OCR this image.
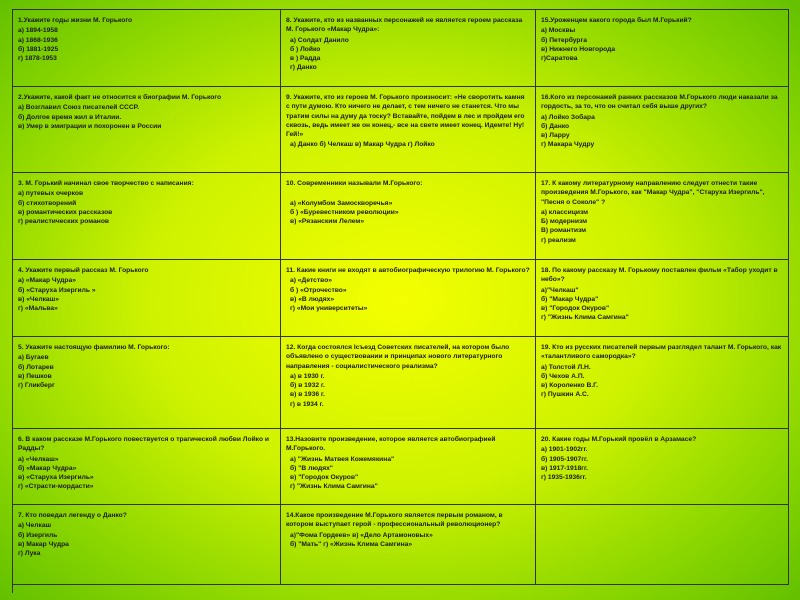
1.Укажите годы жизни М. Горького
а) 1894-1958
а) 1868-1936
б) 1881-1925
г) 1878-1953
8. Укажите, кто из названных персонажей не является героем рассказа М. Горького «Макар Чудра»:
а) Солдат Данило
б ) Лойко
в ) Радда
г) Данко
15.Уроженцем какого города был М.Горький?
а) Москвы
б) Петербурга
в) Нижнего Новгорода
г)Саратова
2.Укажите, какой факт не относится к биографии М. Горького
а) Возглавил Союз писателей СССР.
б) Долгое время жил в Италии.
в) Умер в эмиграции и похоронен в России
9. Укажите, кто из героев М. Горького произносит: «Не своротить камня с пути думою. Кто ничего не делает, с тем ничего не станется. Что мы тратим силы на думу да тоску? Вставайте, пойдем в лес и пройдем его сквозь, ведь имеет же он конец,- все на свете имеет конец. Идемте! Ну! Гей!»
а) Данко б) Челкаш в) Макар Чудра г) Лойко
16.Кого из персонажей ранних рассказов М.Горького люди наказали за гордость, за то, что он считал себя выше других?
а) Лойко Зобара
б) Данко
в) Ларру
г) Макара Чудру
3. М. Горький начинал свое творчество с написания:
а) путевых очерков
б) стихотворений
в) романтических рассказов
г) реалистических романов
10. Современники называли М.Горького:

а) «Колумбом Замоскворечья»
б ) «Буревестником революции»
в) «Рязанским Лелем»
17. К какому литературному направлению следует отнести такие произведения М.Горького, как "Макар Чудра", "Старуха Изергиль", "Песня о Соколе" ?
а) классицизм
Б) модернизм
В) романтизм
г) реализм
4. Укажите первый рассказ М. Горького
а) «Макар Чудра»
б) «Старуха Изергиль »
в) «Челкаш»
г) «Мальва»
11. Какие книги не входят в автобиографическую трилогию М. Горького?
а) «Детство»
б ) «Отрочество»
в) «В людях»
г) «Мои университеты»
18. По какому рассказу М. Горькому поставлен фильм «Табор уходит в небо»?
а)"Челкаш"
б) "Макар Чудра"
в) "Городок Окуров"
г) "Жизнь Клима Самгина"
5. Укажите настоящую фамилию М. Горького:
а) Бугаев
б) Лотарев
в) Пешков
г) Гликберг
12. Когда состоялся Iсъезд Советских писателей, на котором было объявлено о существовании и принципах нового литературного направления - социалистического реализма?
а) в 1930 г.
б) в 1932 г.
в) в 1936 г.
г) в 1934 г.
19. Кто из русских писателей первым разглядел талант М. Горького, как «талантливого самородка»?
а) Толстой Л.Н.
б) Чехов А.П.
в) Короленко В.Г.
г) Пушкин А.С.
6. В каком рассказе М.Горького повествуется о трагической любви Лойко и Радды?
а) «Челкаш»
б) «Макар Чудра»
в) «Старуха Изергиль»
г) «Страсти-мордасти»
13.Назовите произведение, которое является автобиографией М.Горького.
а) "Жизнь Матвея Кожемякина"
б) "В людях"
в) "Городок Окуров"
г) "Жизнь Клима Самгина"
20. Какие годы М.Горький провёл в Арзамасе?
а) 1901-1902гг.
б) 1905-1907гг.
в) 1917-1918гг.
г) 1935-1936гг.
7. Кто поведал легенду о Данко?
а) Челкаш
б) Изергиль
в) Макар Чудра
г) Лука
14.Какое произведение М.Горького является первым романом, в котором выступает герой - профессиональный революционер?
а)"Фома Гордеев» в) «Дело Артамоновых»
б) "Мать" г) «Жизнь Клима Самгина»
